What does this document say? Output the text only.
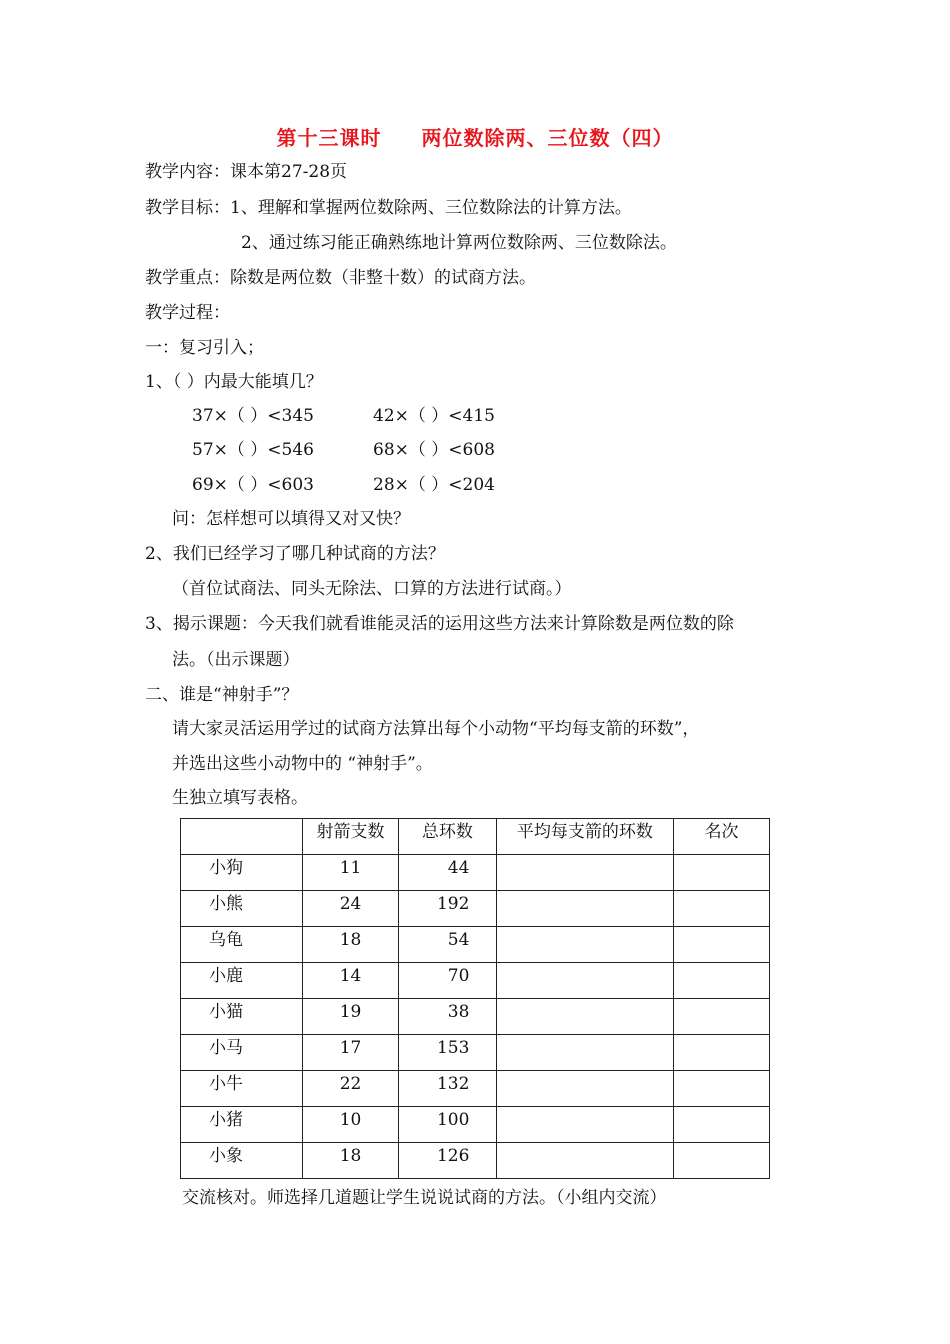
第十三课时 两位数除两、三位数（四）
教学内容：课本第27-28页
教学目标：1、理解和掌握两位数除两、三位数除法的计算方法。
2、通过练习能正确熟练地计算两位数除两、三位数除法。
教学重点：除数是两位数（非整十数）的试商方法。
教学过程：
一：复习引入；
1、（ ）内最大能填几？
37×（ ）<345	42×（ ）<415
57×（ ）<546	68×（ ）<608
69×（ ）<603	28×（ ）<204
问：怎样想可以填得又对又快？
2、我们已经学习了哪几种试商的方法？
（首位试商法、同头无除法、口算的方法进行试商。）
3、揭示课题：今天我们就看谁能灵活的运用这些方法来计算除数是两位数的除
法。（出示课题）
二、谁是“神射手”？
请大家灵活运用学过的试商方法算出每个小动物“平均每支箭的环数”，
并选出这些小动物中的 “神射手”。
生独立填写表格。
	射箭支数	总环数	平均每支箭的环数	名次
小狗	11	44		
小熊	24	192		
乌龟	18	54		
小鹿	14	70		
小猫	19	38		
小马	17	153		
小牛	22	132		
小猪	10	100		
小象	18	126		
交流核对。师选择几道题让学生说说试商的方法。（小组内交流）
